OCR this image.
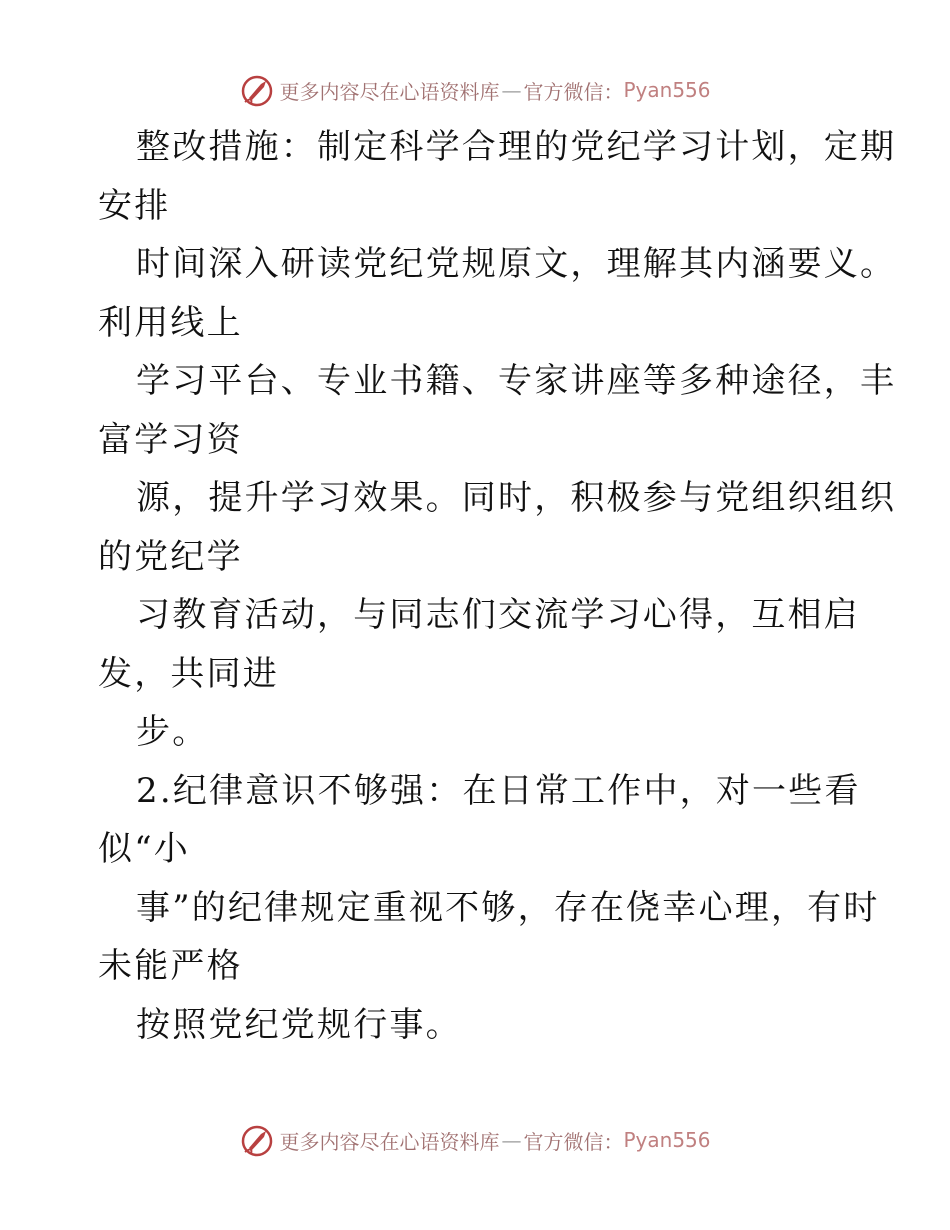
更多内容尽在心语资料库 — 官方微信： Pyan556
整改措施：制定科学合理的党纪学习计划，定期
安排
时间深入研读党纪党规原文，理解其内涵要义。
利用线上
学习平台、专业书籍、专家讲座等多种途径，丰
富学习资
源，提升学习效果。同时，积极参与党组织组织
的党纪学
习教育活动，与同志们交流学习心得，互相启
发，共同进
步。
2.纪律意识不够强：在日常工作中，对一些看
似“小
事”的纪律规定重视不够，存在侥幸心理，有时
未能严格
按照党纪党规行事。
更多内容尽在心语资料库 — 官方微信： Pyan556
